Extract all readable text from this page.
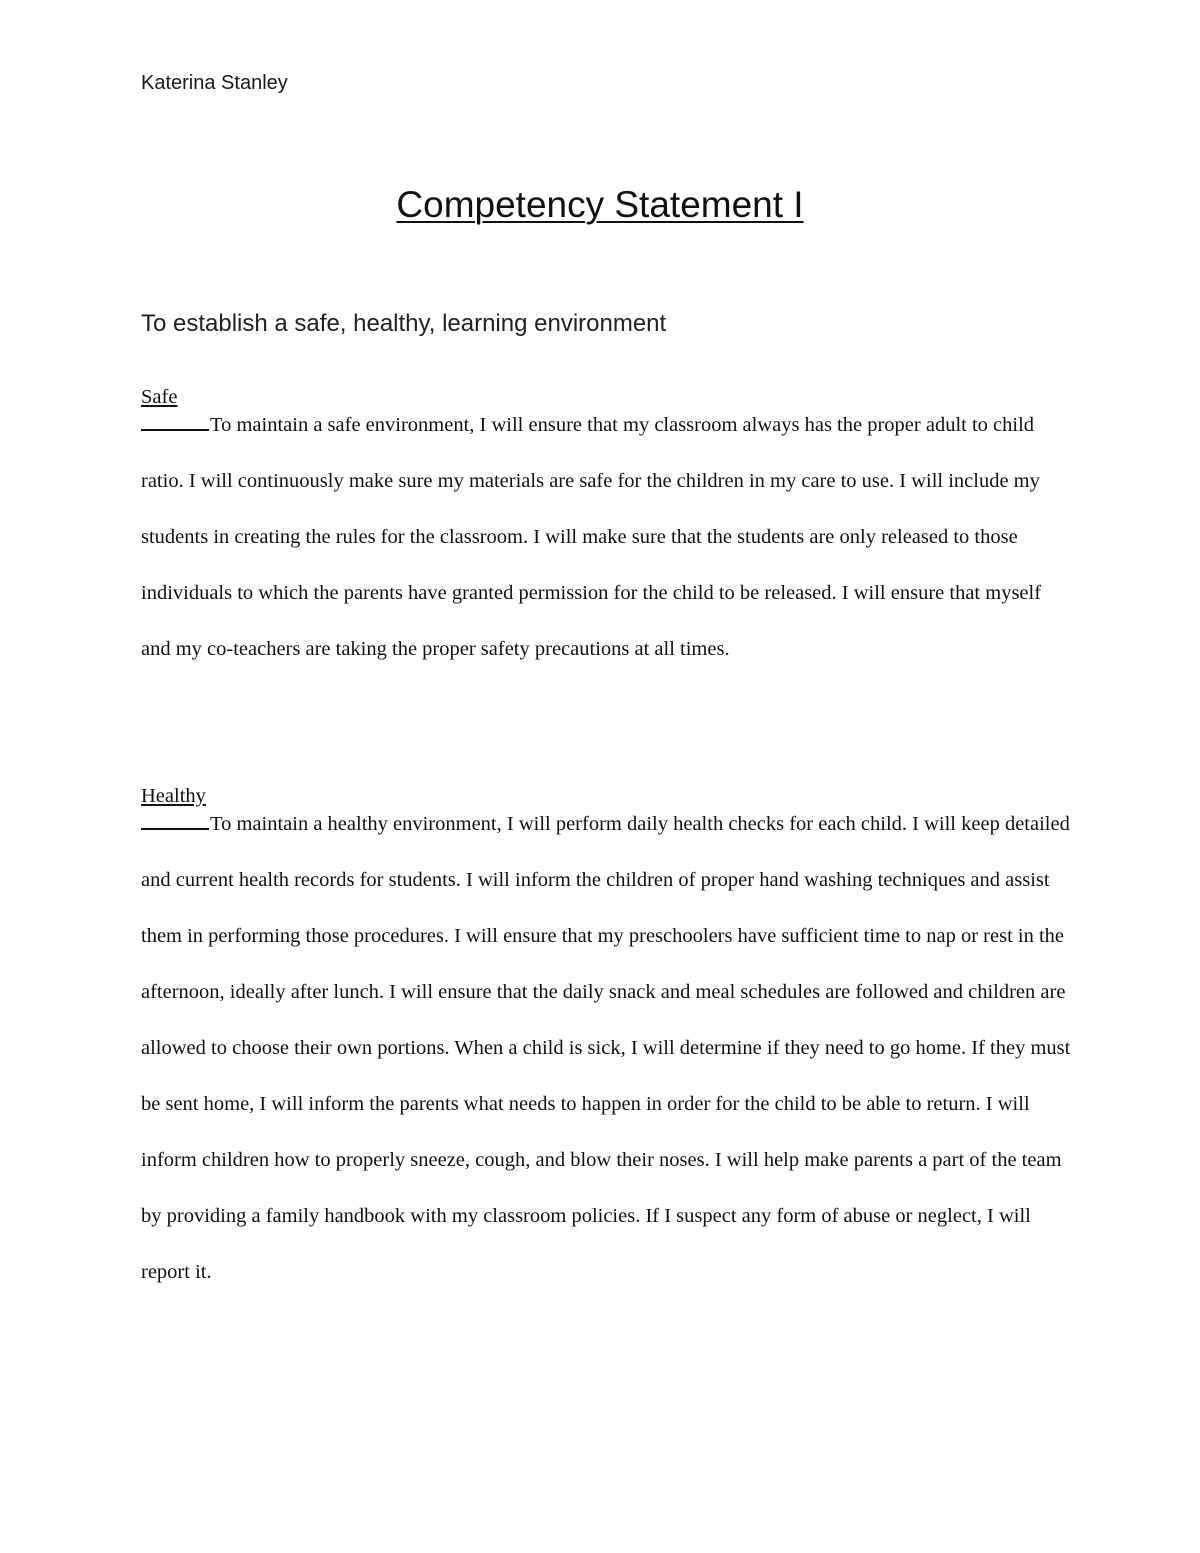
Katerina Stanley
Competency Statement I
To establish a safe, healthy, learning environment
Safe
To maintain a safe environment, I will ensure that my classroom always has the proper adult to child ratio. I will continuously make sure my materials are safe for the children in my care to use. I will include my students in creating the rules for the classroom. I will make sure that the students are only released to those individuals to which the parents have granted permission for the child to be released. I will ensure that myself and my co-teachers are taking the proper safety precautions at all times.
Healthy
To maintain a healthy environment, I will perform daily health checks for each child. I will keep detailed and current health records for students. I will inform the children of proper hand washing techniques and assist them in performing those procedures. I will ensure that my preschoolers have sufficient time to nap or rest in the afternoon, ideally after lunch. I will ensure that the daily snack and meal schedules are followed and children are allowed to choose their own portions. When a child is sick, I will determine if they need to go home. If they must be sent home, I will inform the parents what needs to happen in order for the child to be able to return. I will inform children how to properly sneeze, cough, and blow their noses. I will help make parents a part of the team by providing a family handbook with my classroom policies. If I suspect any form of abuse or neglect, I will report it.
